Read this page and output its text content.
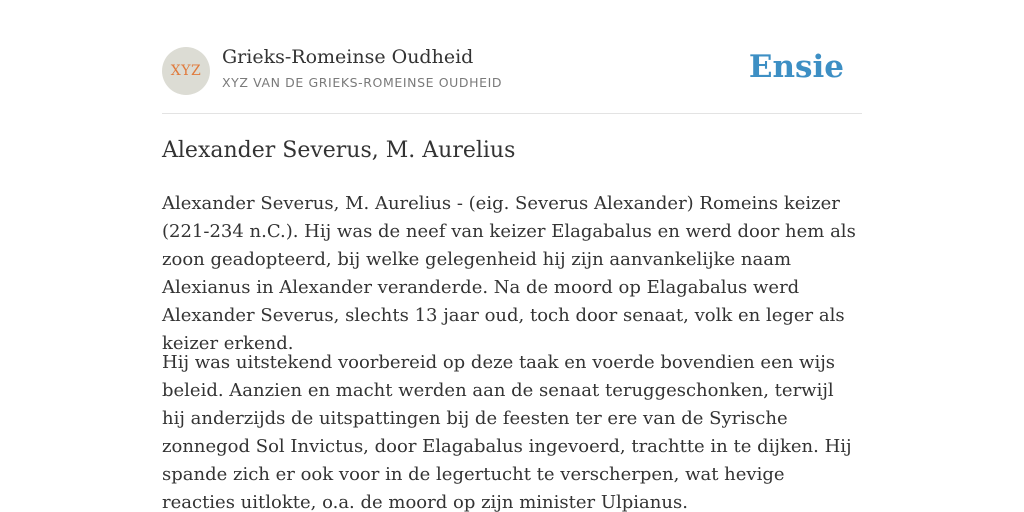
XYZ
Grieks-Romeinse Oudheid
XYZ VAN DE GRIEKS-ROMEINSE OUDHEID	Ensie
Alexander Severus, M. Aurelius

Alexander Severus, M. Aurelius - (eig. Severus Alexander) Romeins keizer (221-234 n.C.). Hij was de neef van keizer Elagabalus en werd door hem als zoon geadopteerd, bij welke gelegenheid hij zijn aanvankelijke naam Alexianus in Alexander veranderde. Na de moord op Elagabalus werd Alexander Severus, slechts 13 jaar oud, toch door senaat, volk en leger als keizer erkend.

Hij was uitstekend voorbereid op deze taak en voerde bovendien een wijs beleid. Aanzien en macht werden aan de senaat teruggeschonken, terwijl hij anderzijds de uitspattingen bij de feesten ter ere van de Syrische zonnegod Sol Invictus, door Elagabalus ingevoerd, trachtte in te dijken. Hij spande zich er ook voor in de legertucht te verscherpen, wat hevige reacties uitlokte, o.a. de moord op zijn minister Ulpianus.
